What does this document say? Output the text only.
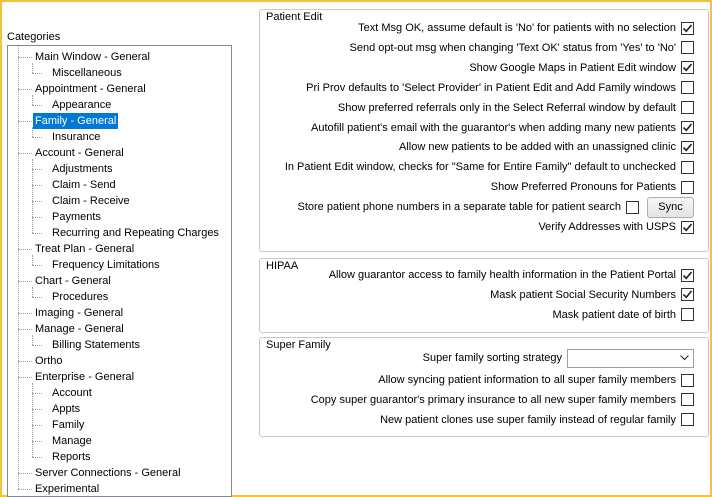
Categories
Main Window - General
Miscellaneous
Appointment - General
Appearance
Family - General
Insurance
Account - General
Adjustments
Claim - Send
Claim - Receive
Payments
Recurring and Repeating Charges
Treat Plan - General
Frequency Limitations
Chart - General
Procedures
Imaging - General
Manage - General
Billing Statements
Ortho
Enterprise - General
Account
Appts
Family
Manage
Reports
Server Connections - General
Experimental
Patient Edit
Text Msg OK, assume default is 'No' for patients with no selection
Send opt-out msg when changing 'Text OK' status from 'Yes' to 'No'
Show Google Maps in Patient Edit window
Pri Prov defaults to 'Select Provider' in Patient Edit and Add Family windows
Show preferred referrals only in the Select Referral window by default
Autofill patient's email with the guarantor's when adding many new patients
Allow new patients to be added with an unassigned clinic
In Patient Edit window, checks for "Same for Entire Family" default to unchecked
Show Preferred Pronouns for Patients
Store patient phone numbers in a separate table for patient search	Sync
Verify Addresses with USPS
HIPAA
Allow guarantor access to family health information in the Patient Portal
Mask patient Social Security Numbers
Mask patient date of birth
Super Family
Super family sorting strategy
Allow syncing patient information to all super family members
Copy super guarantor's primary insurance to all new super family members
New patient clones use super family instead of regular family
